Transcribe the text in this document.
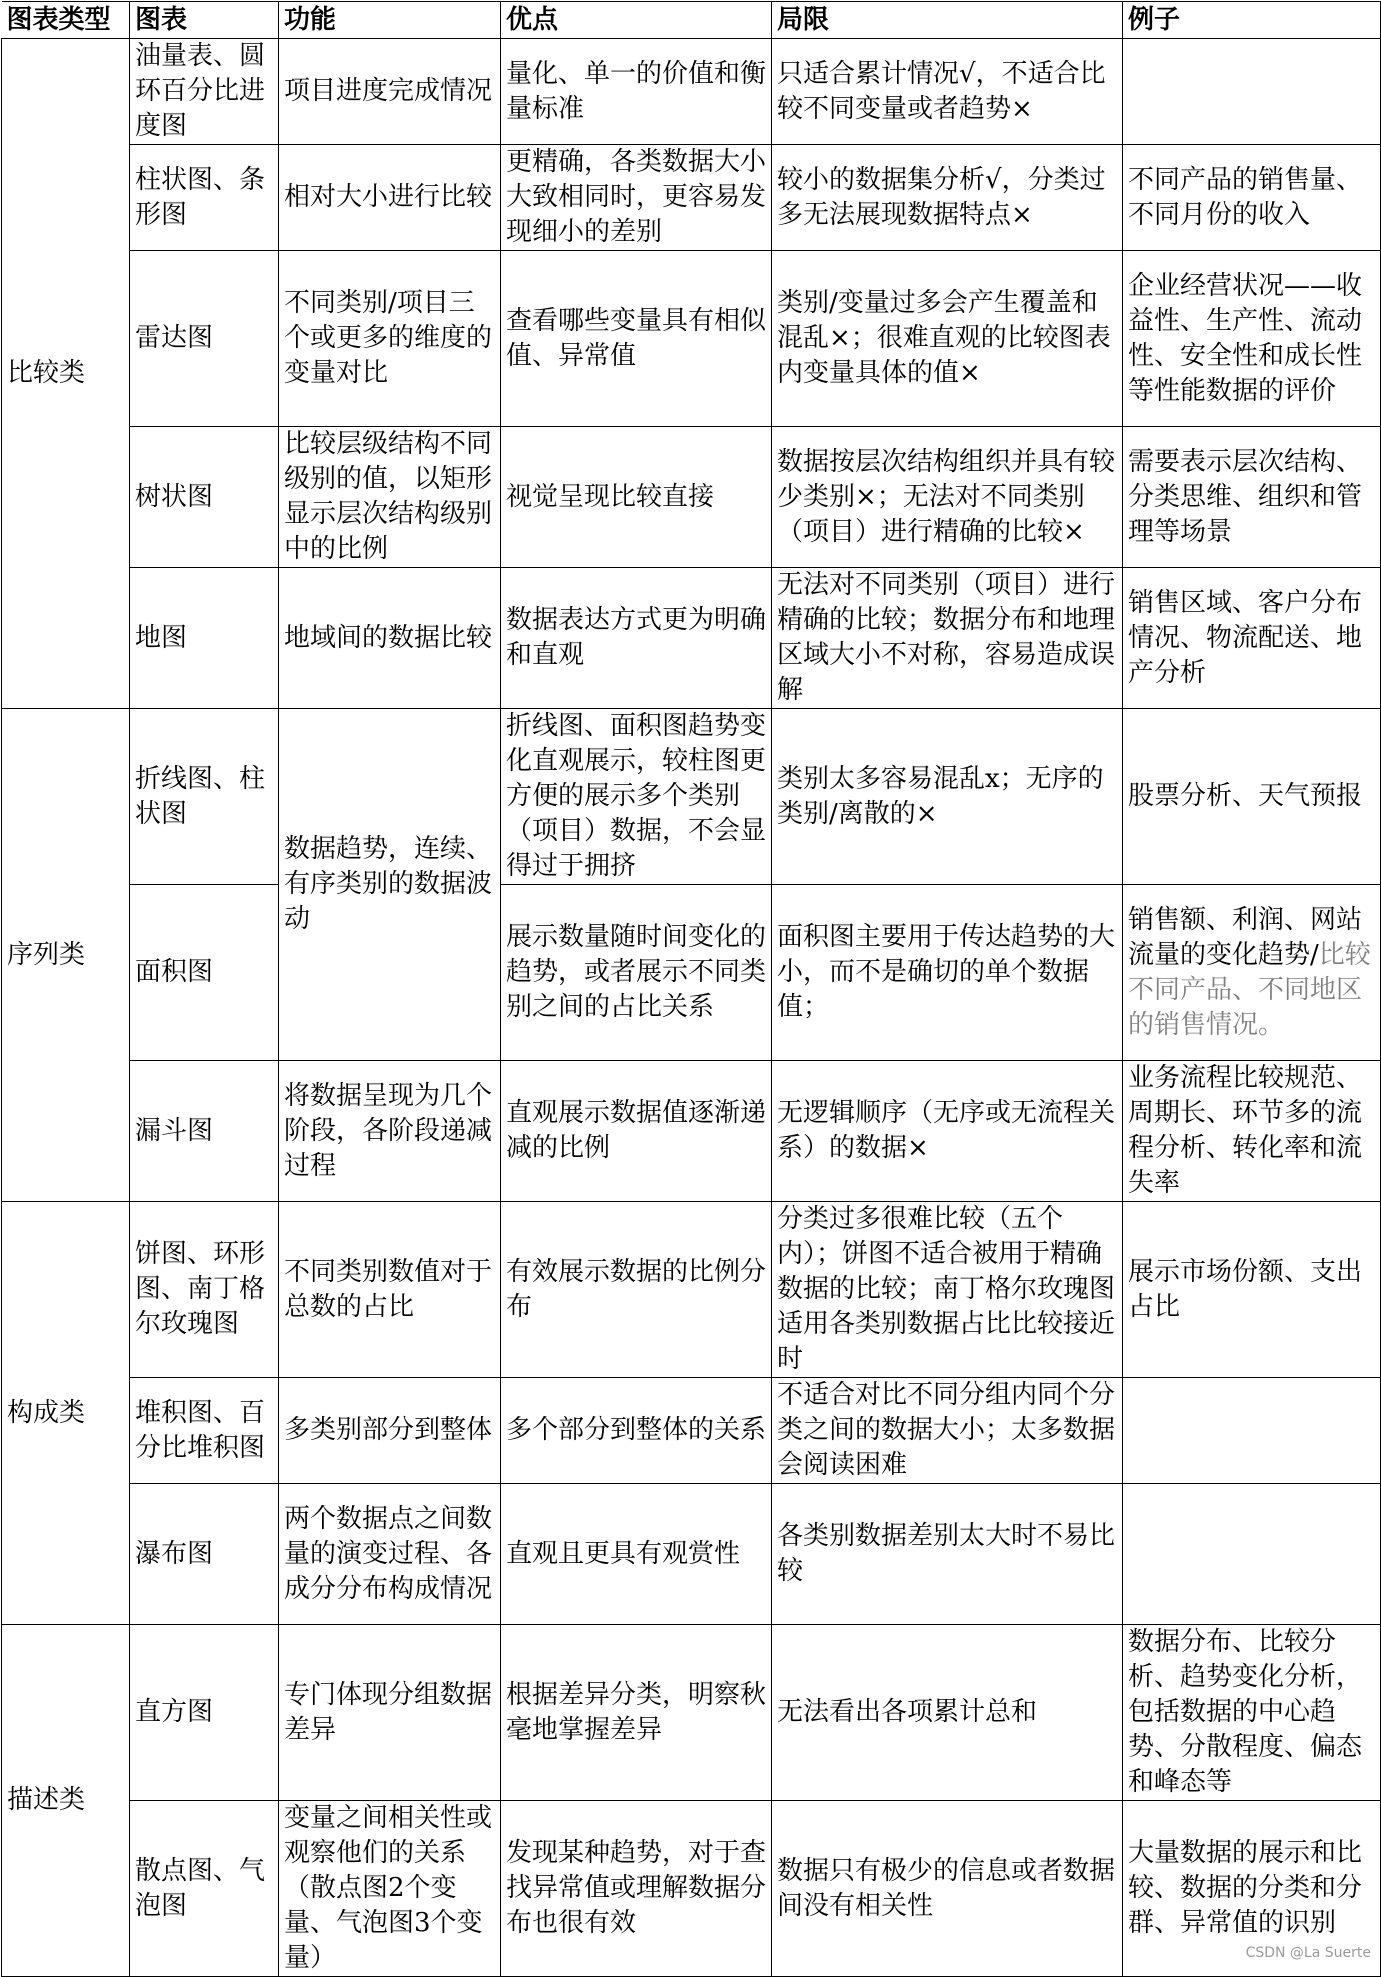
图表类型	图表	功能	优点	局限	例子
比较类	油量表、圆环百分比进度图	项目进度完成情况	量化、单一的价值和衡量标准	只适合累计情况√，不适合比较不同变量或者趋势×	
	柱状图、条形图	相对大小进行比较	更精确，各类数据大小大致相同时，更容易发现细小的差别	较小的数据集分析√，分类过多无法展现数据特点×	不同产品的销售量、不同月份的收入
	雷达图	不同类别/项目三个或更多的维度的变量对比	查看哪些变量具有相似值、异常值	类别/变量过多会产生覆盖和混乱×；很难直观的比较图表内变量具体的值×	企业经营状况——收益性、生产性、流动性、安全性和成长性等性能数据的评价
	树状图	比较层级结构不同级别的值，以矩形显示层次结构级别中的比例	视觉呈现比较直接	数据按层次结构组织并具有较少类别×；无法对不同类别（项目）进行精确的比较×	需要表示层次结构、分类思维、组织和管理等场景
	地图	地域间的数据比较	数据表达方式更为明确和直观	无法对不同类别（项目）进行精确的比较；数据分布和地理区域大小不对称，容易造成误解	销售区域、客户分布情况、物流配送、地产分析
序列类	折线图、柱状图	数据趋势，连续、有序类别的数据波动	折线图、面积图趋势变化直观展示，较柱图更方便的展示多个类别（项目）数据，不会显得过于拥挤	类别太多容易混乱x；无序的类别/离散的×	股票分析、天气预报
	面积图		展示数量随时间变化的趋势，或者展示不同类别之间的占比关系	面积图主要用于传达趋势的大小，而不是确切的单个数据值；	销售额、利润、网站流量的变化趋势/比较不同产品、不同地区的销售情况。
	漏斗图	将数据呈现为几个阶段，各阶段递减过程	直观展示数据值逐渐递减的比例	无逻辑顺序（无序或无流程关系）的数据×	业务流程比较规范、周期长、环节多的流程分析、转化率和流失率
构成类	饼图、环形图、南丁格尔玫瑰图	不同类别数值对于总数的占比	有效展示数据的比例分布	分类过多很难比较（五个内）；饼图不适合被用于精确数据的比较；南丁格尔玫瑰图适用各类别数据占比比较接近时	展示市场份额、支出占比
	堆积图、百分比堆积图	多类别部分到整体	多个部分到整体的关系	不适合对比不同分组内同个分类之间的数据大小；太多数据会阅读困难	
	瀑布图	两个数据点之间数量的演变过程、各成分分布构成情况	直观且更具有观赏性	各类别数据差别太大时不易比较	
描述类	直方图	专门体现分组数据差异	根据差异分类，明察秋毫地掌握差异	无法看出各项累计总和	数据分布、比较分析、趋势变化分析，包括数据的中心趋势、分散程度、偏态和峰态等
	散点图、气泡图	变量之间相关性或观察他们的关系（散点图2个变量、气泡图3个变量）	发现某种趋势，对于查找异常值或理解数据分布也很有效	数据只有极少的信息或者数据间没有相关性	大量数据的展示和比较、数据的分类和分群、异常值的识别
CSDN @La Suerte
